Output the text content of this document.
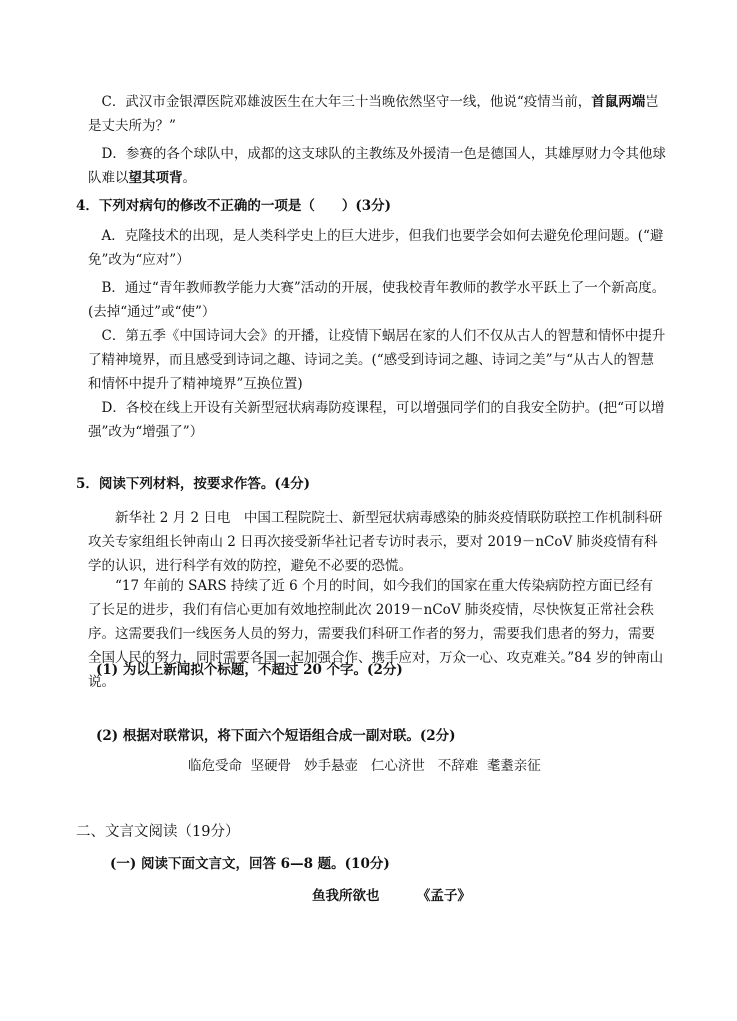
C．武汉市金银潭医院邓雄波医生在大年三十当晚依然坚守一线，他说“疫情当前，首鼠两端岂是丈夫所为？”

D．参赛的各个球队中，成都的这支球队的主教练及外援清一色是德国人，其雄厚财力令其他球队难以望其项背。

4．下列对病句的修改不正确的一项是（　　）(3分)

A．克隆技术的出现，是人类科学史上的巨大进步，但我们也要学会如何去避免伦理问题。(“避免”改为“应对”）

B．通过“青年教师教学能力大赛”活动的开展，使我校青年教师的教学水平跃上了一个新高度。(去掉“通过”或“使”）

C．第五季《中国诗词大会》的开播，让疫情下蜗居在家的人们不仅从古人的智慧和情怀中提升了精神境界，而且感受到诗词之趣、诗词之美。(“感受到诗词之趣、诗词之美”与“从古人的智慧和情怀中提升了精神境界”互换位置)

D．各校在线上开设有关新型冠状病毒防疫课程，可以增强同学们的自我安全防护。(把“可以增强”改为“增强了”）

5．阅读下列材料，按要求作答。(4分)

新华社 2 月 2 日电　中国工程院院士、新型冠状病毒感染的肺炎疫情联防联控工作机制科研攻关专家组组长钟南山 2 日再次接受新华社记者专访时表示，要对 2019－nCoV 肺炎疫情有科学的认识，进行科学有效的防控，避免不必要的恐慌。

“17 年前的 SARS 持续了近 6 个月的时间，如今我们的国家在重大传染病防控方面已经有了长足的进步，我们有信心更加有效地控制此次 2019－nCoV 肺炎疫情，尽快恢复正常社会秩序。这需要我们一线医务人员的努力，需要我们科研工作者的努力，需要我们患者的努力，需要全国人民的努力，同时需要各国一起加强合作、携手应对，万众一心、攻克难关。”84 岁的钟南山说。

(1) 为以上新闻拟个标题，不超过 20 个字。(2分)

(2) 根据对联常识，将下面六个短语组合成一副对联。(2分)

临危受命 坚硬骨 妙手悬壶 仁心济世 不辞难 耄耋亲征

二、文言文阅读（19分）

(一) 阅读下面文言文，回答 6—8 题。(10分)

鱼我所欲也	《孟子》
